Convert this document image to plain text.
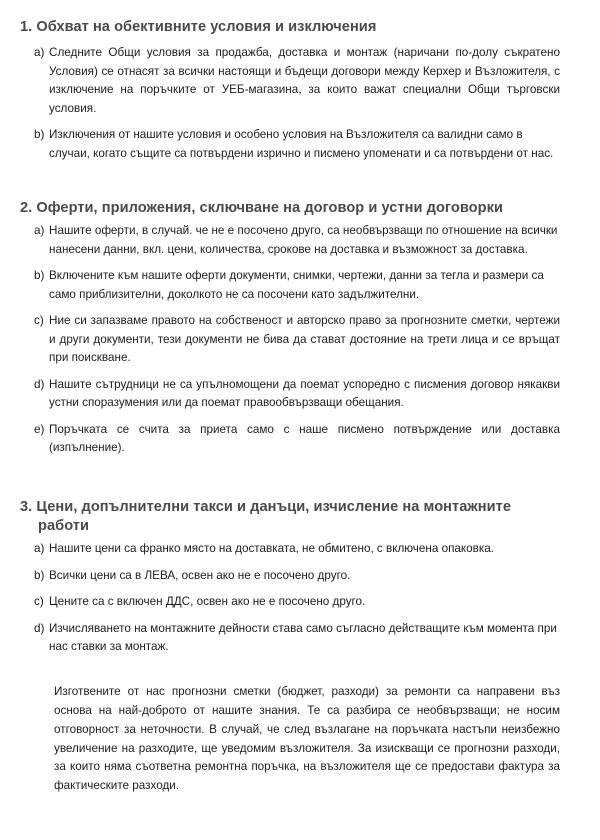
1. Обхват на обективните условия и изключения
a) Следните Общи условия за продажба, доставка и монтаж (наричани по-долу съкратено Условия) се отнасят за всички настоящи и бъдещи договори между Керхер и Възложителя, с изключение на поръчките от УЕБ-магазина, за които важат специални Общи търговски условия.
b) Изключения от нашите условия и особено условия на Възложителя са валидни само в случаи, когато същите са потвърдени изрично и писмено упоменати и са потвърдени от нас.
2. Оферти, приложения, сключване на договор и устни договорки
a) Нашите оферти, в случай. че не е посочено друго, са необвързващи по отношение на всички нанесени данни, вкл. цени, количества, срокове на доставка и възможност за доставка.
b) Включените към нашите оферти документи, снимки, чертежи, данни за тегла и размери са само приблизителни, доколкото не са посочени като задължителни.
c) Ние си запазваме правото на собственост и авторско право за прогнозните сметки, чертежи и други документи, тези документи не бива да стават достояние на трети лица и се връщат при поискване.
d) Нашите сътрудници не са упълномощени да поемат успоредно с писмения договор някакви устни споразумения или да поемат правообвързващи обещания.
e) Поръчката се счита за приета само с наше писмено потвърждение или доставка (изпълнение).
3. Цени, допълнителни такси и данъци, изчисление на монтажните работи
a) Нашите цени са франко място на доставката, не обмитено, с включена опаковка.
b) Всички цени са в ЛЕВА, освен ако не е посочено друго.
c) Цените са с включен ДДС, освен ако не е посочено друго.
d) Изчисляването на монтажните дейности става само съгласно действащите към момента при нас ставки за монтаж.

Изготвените от нас прогнозни сметки (бюджет, разходи) за ремонти са направени въз основа на най-доброто от нашите знания. Те са разбира се необвързващи; не носим отговорност за неточности. В случай, че след възлагане на поръчката настъпи неизбежно увеличение на разходите, ще уведомим възложителя. За изискващи се прогнозни разходи, за които няма съответна ремонтна поръчка, на възложителя ще се предостави фактура за фактическите разходи.
